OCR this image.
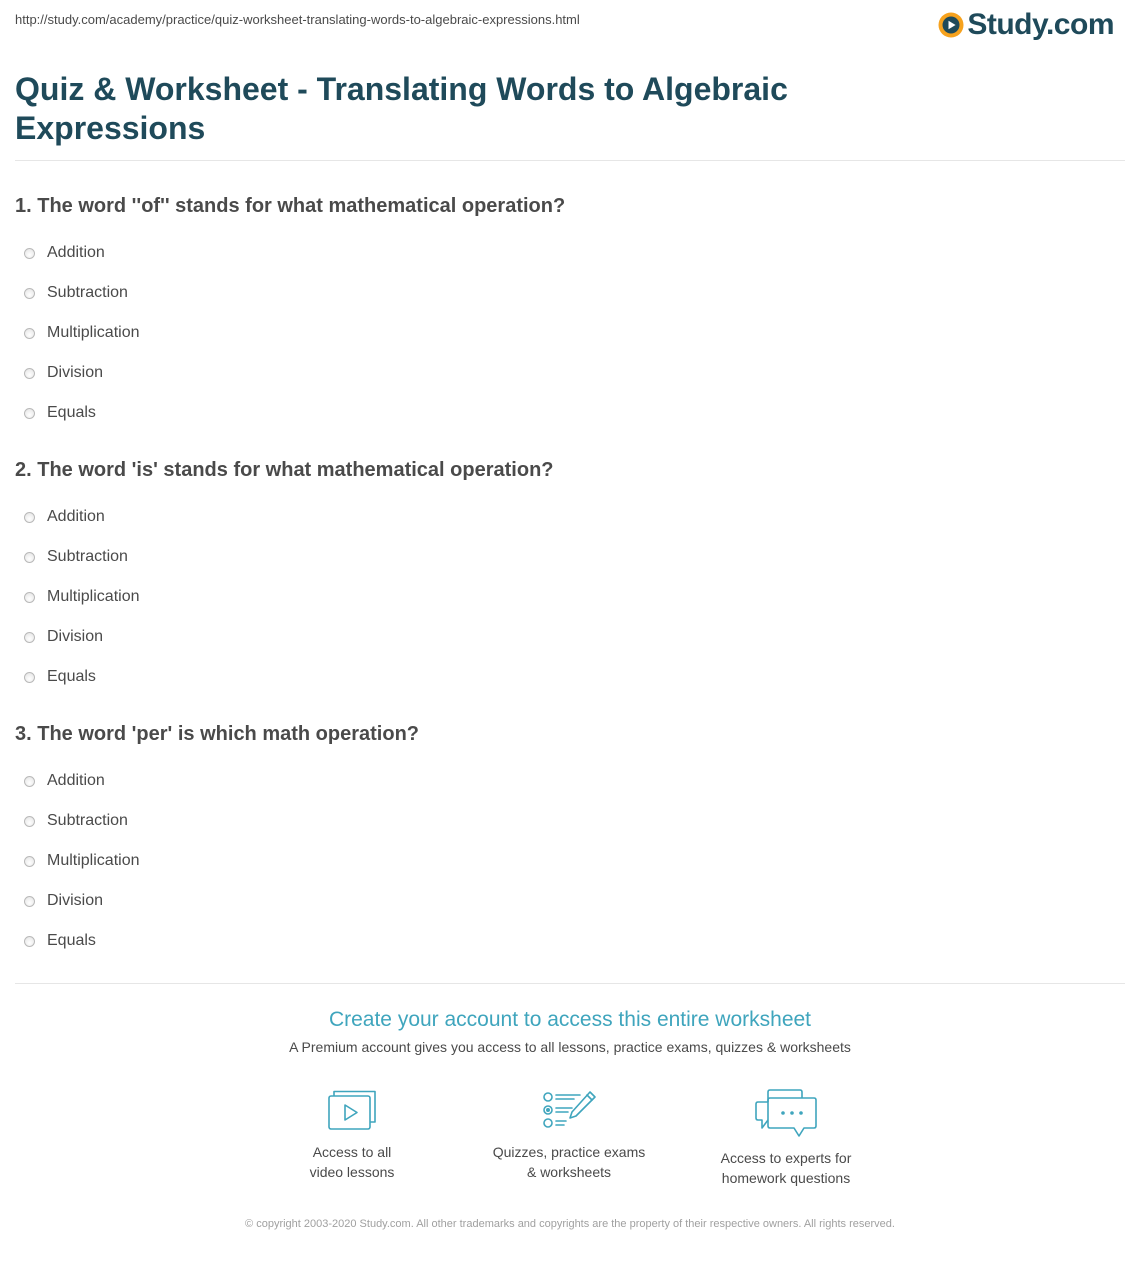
http://study.com/academy/practice/quiz-worksheet-translating-words-to-algebraic-expressions.html	Study.com
Quiz & Worksheet - Translating Words to Algebraic Expressions
1. The word ''of'' stands for what mathematical operation?
Addition
Subtraction
Multiplication
Division
Equals
2. The word 'is' stands for what mathematical operation?
Addition
Subtraction
Multiplication
Division
Equals
3. The word 'per' is which math operation?
Addition
Subtraction
Multiplication
Division
Equals
Create your account to access this entire worksheet

A Premium account gives you access to all lessons, practice exams, quizzes & worksheets

Access to all
video lessons
Quizzes, practice exams
& worksheets
Access to experts for
homework questions

© copyright 2003-2020 Study.com. All other trademarks and copyrights are the property of their respective owners. All rights reserved.
